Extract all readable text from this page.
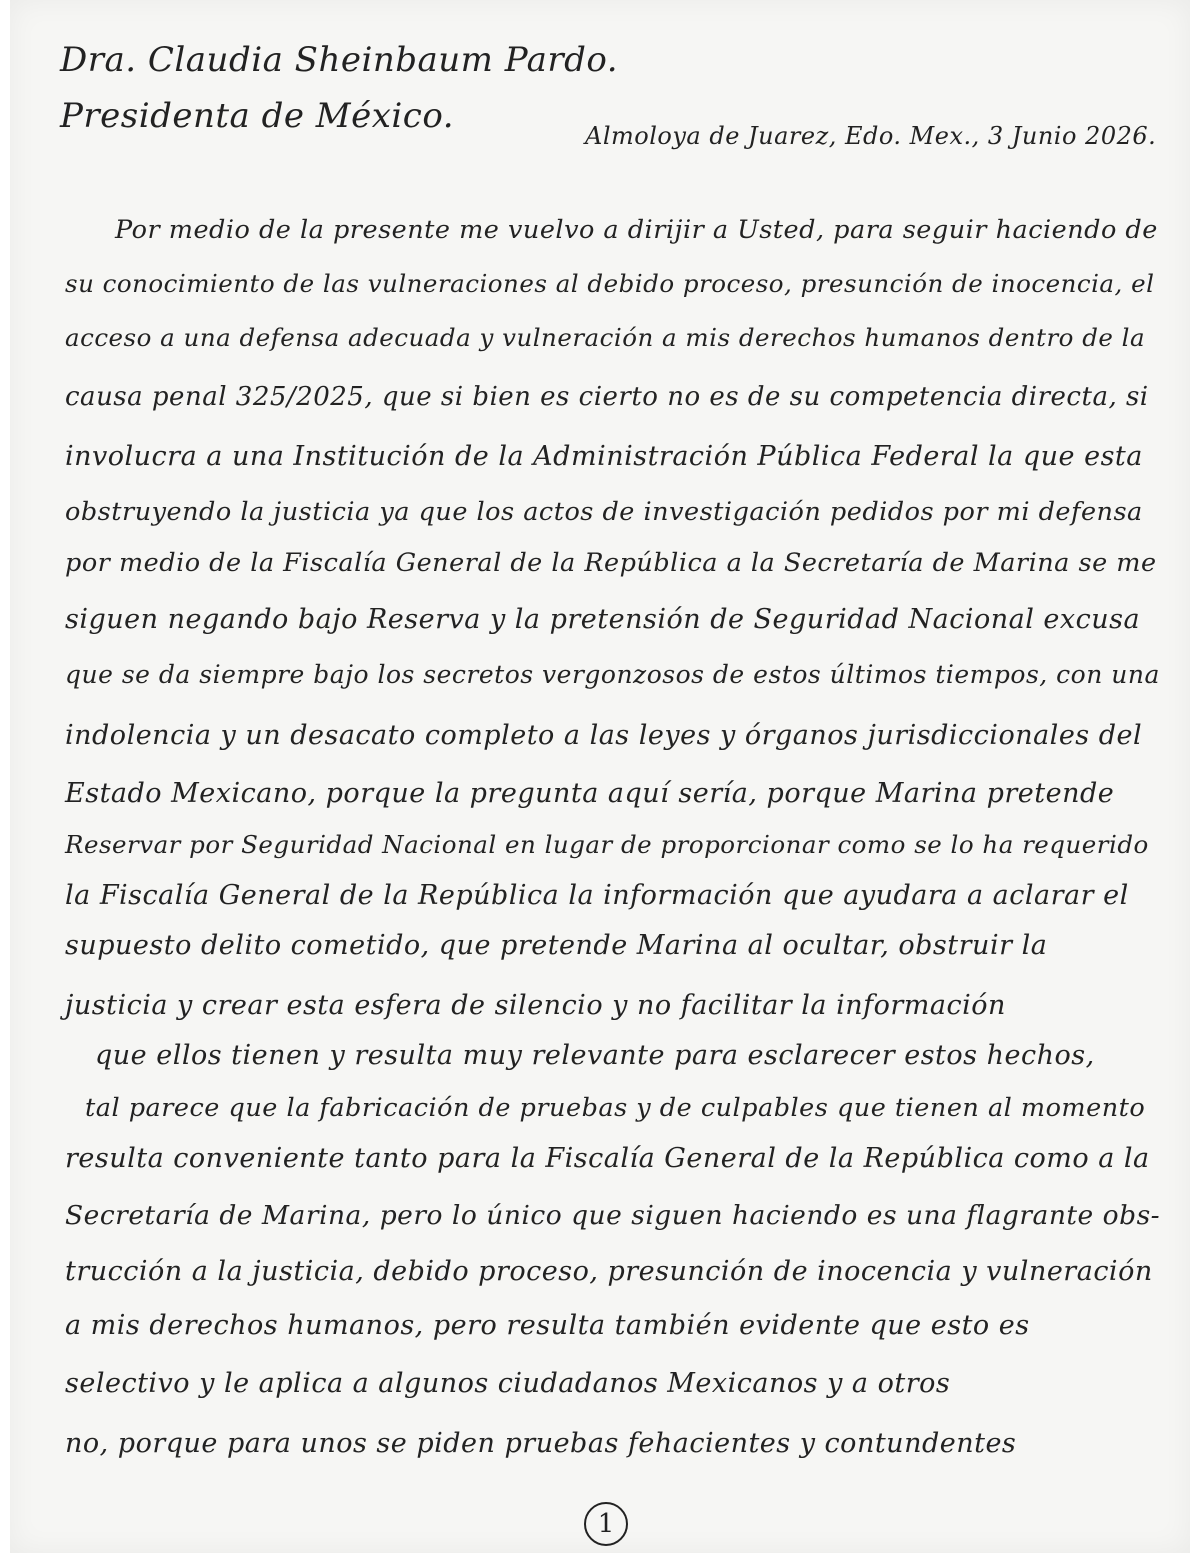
Dra. Claudia Sheinbaum Pardo.
Presidenta de México.	Almoloya de Juarez, Edo. Mex., 3 Junio 2026.
Por medio de la presente me vuelvo a dirijir a Usted, para seguir haciendo de
su conocimiento de las vulneraciones al debido proceso, presunción de inocencia, el
acceso a una defensa adecuada y vulneración a mis derechos humanos dentro de la
causa penal 325/2025, que si bien es cierto no es de su competencia directa, si
involucra a una Institución de la Administración Pública Federal la que esta
obstruyendo la justicia ya que los actos de investigación pedidos por mi defensa
por medio de la Fiscalía General de la República a la Secretaría de Marina se me
siguen negando bajo Reserva y la pretensión de Seguridad Nacional excusa
que se da siempre bajo los secretos vergonzosos de estos últimos tiempos, con una
indolencia y un desacato completo a las leyes y órganos jurisdiccionales del
Estado Mexicano, porque la pregunta aquí sería, porque Marina pretende
Reservar por Seguridad Nacional en lugar de proporcionar como se lo ha requerido
la Fiscalía General de la República la información que ayudara a aclarar el
supuesto delito cometido, que pretende Marina al ocultar, obstruir la
justicia y crear esta esfera de silencio y no facilitar la información
que ellos tienen y resulta muy relevante para esclarecer estos hechos,
tal parece que la fabricación de pruebas y de culpables que tienen al momento
resulta conveniente tanto para la Fiscalía General de la República como a la
Secretaría de Marina, pero lo único que siguen haciendo es una flagrante obs-
trucción a la justicia, debido proceso, presunción de inocencia y vulneración
a mis derechos humanos, pero resulta también evidente que esto es
selectivo y le aplica a algunos ciudadanos Mexicanos y a otros
no, porque para unos se piden pruebas fehacientes y contundentes
1
